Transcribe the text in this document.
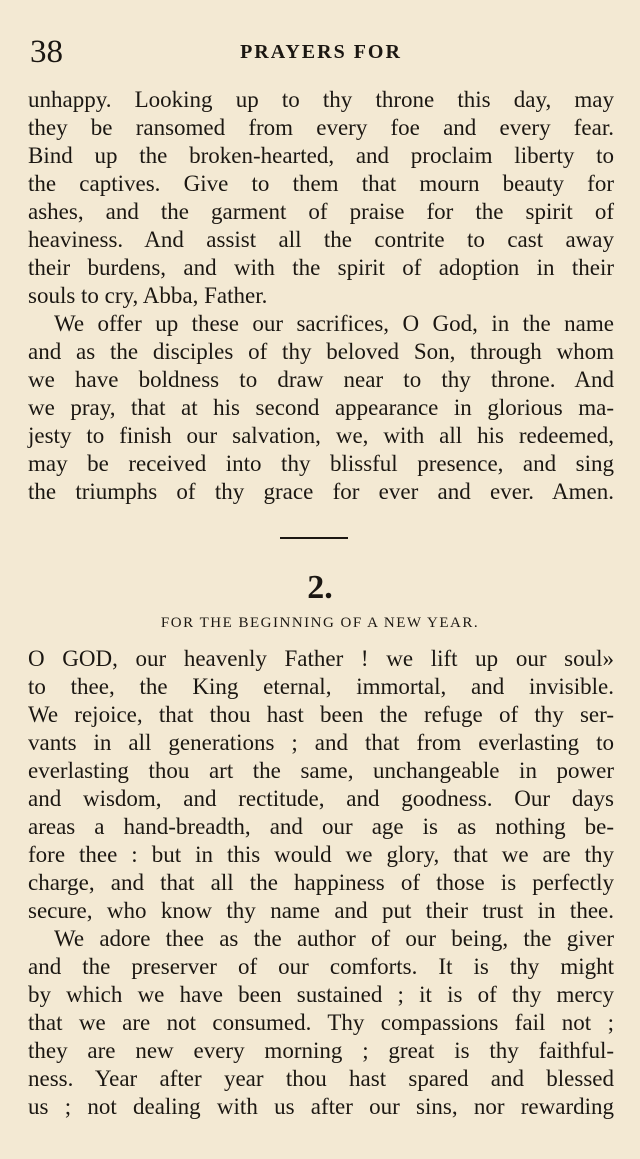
38	PRAYERS FOR
unhappy. Looking up to thy throne this day, may
they be ransomed from every foe and every fear.
Bind up the broken-hearted, and proclaim liberty to
the captives. Give to them that mourn beauty for
ashes, and the garment of praise for the spirit of
heaviness. And assist all the contrite to cast away
their burdens, and with the spirit of adoption in their
souls to cry, Abba, Father.
We offer up these our sacrifices, O God, in the name
and as the disciples of thy beloved Son, through whom
we have boldness to draw near to thy throne. And
we pray, that at his second appearance in glorious ma-
jesty to finish our salvation, we, with all his redeemed,
may be received into thy blissful presence, and sing
the triumphs of thy grace for ever and ever. Amen.
2.
FOR THE BEGINNING OF A NEW YEAR.
O GOD, our heavenly Father ! we lift up our soul»
to thee, the King eternal, immortal, and invisible.
We rejoice, that thou hast been the refuge of thy ser-
vants in all generations ; and that from everlasting to
everlasting thou art the same, unchangeable in power
and wisdom, and rectitude, and goodness. Our days
areas a hand-breadth, and our age is as nothing be-
fore thee : but in this would we glory, that we are thy
charge, and that all the happiness of those is perfectly
secure, who know thy name and put their trust in thee.
We adore thee as the author of our being, the giver
and the preserver of our comforts. It is thy might
by which we have been sustained ; it is of thy mercy
that we are not consumed. Thy compassions fail not ;
they are new every morning ; great is thy faithful-
ness. Year after year thou hast spared and blessed
us ; not dealing with us after our sins, nor rewarding
